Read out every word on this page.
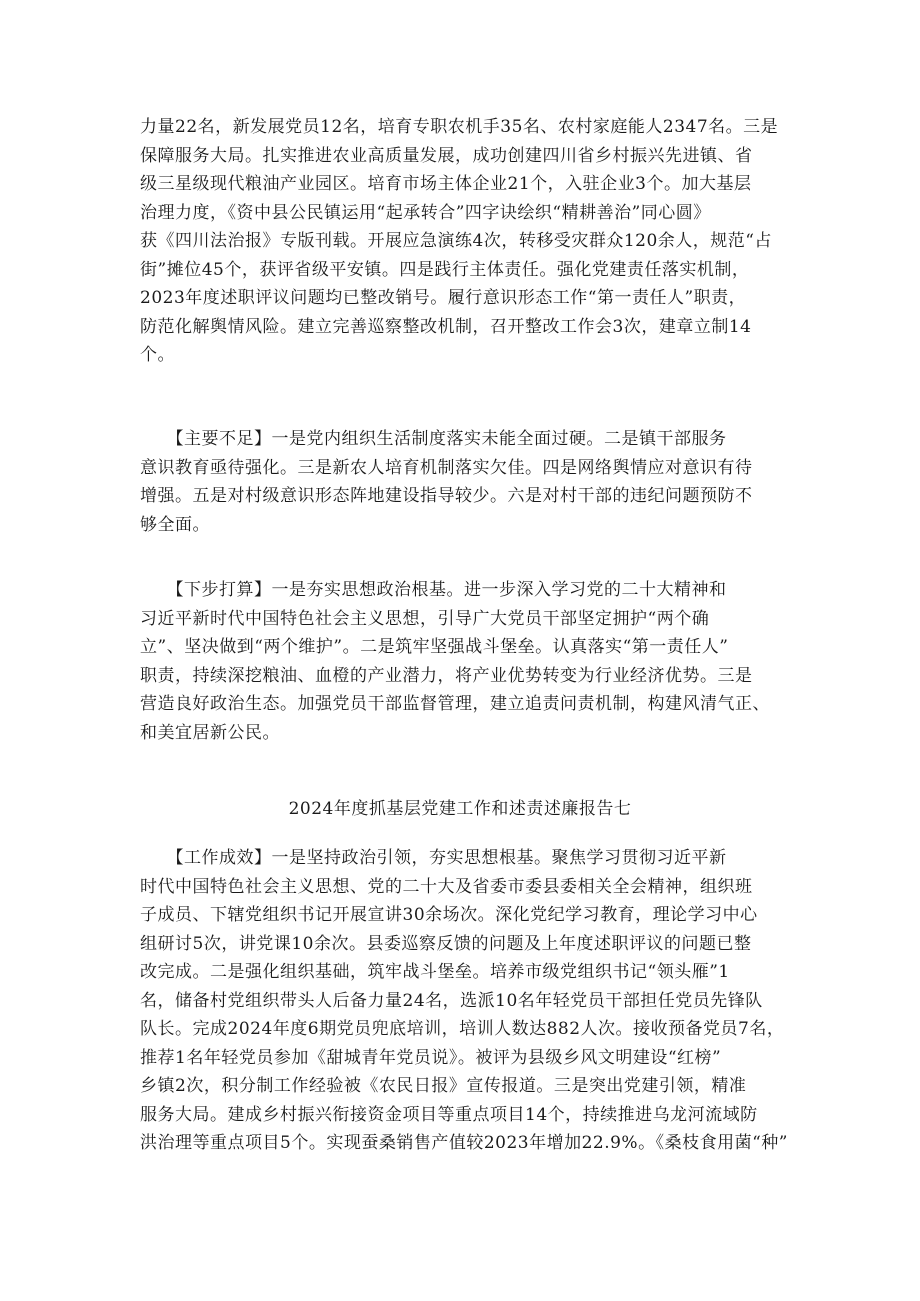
力量22名，新发展党员12名，培育专职农机手35名、农村家庭能人2347名。三是
保障服务大局。扎实推进农业高质量发展，成功创建四川省乡村振兴先进镇、省
级三星级现代粮油产业园区。培育市场主体企业21个，入驻企业3个。加大基层
治理力度，《资中县公民镇运用“起承转合”四字诀绘织“精耕善治”同心圆》
获《四川法治报》专版刊载。开展应急演练4次，转移受灾群众120余人，规范“占
街”摊位45个，获评省级平安镇。四是践行主体责任。强化党建责任落实机制，
2023年度述职评议问题均已整改销号。履行意识形态工作“第一责任人”职责，
防范化解舆情风险。建立完善巡察整改机制，召开整改工作会3次，建章立制14
个。
　　【主要不足】一是党内组织生活制度落实未能全面过硬。二是镇干部服务
意识教育亟待强化。三是新农人培育机制落实欠佳。四是网络舆情应对意识有待
增强。五是对村级意识形态阵地建设指导较少。六是对村干部的违纪问题预防不
够全面。
　　【下步打算】一是夯实思想政治根基。进一步深入学习党的二十大精神和
习近平新时代中国特色社会主义思想，引导广大党员干部坚定拥护“两个确
立”、坚决做到“两个维护”。二是筑牢坚强战斗堡垒。认真落实“第一责任人”
职责，持续深挖粮油、血橙的产业潜力，将产业优势转变为行业经济优势。三是
营造良好政治生态。加强党员干部监督管理，建立追责问责机制，构建风清气正、
和美宜居新公民。
2024年度抓基层党建工作和述责述廉报告七
　　【工作成效】一是坚持政治引领，夯实思想根基。聚焦学习贯彻习近平新
时代中国特色社会主义思想、党的二十大及省委市委县委相关全会精神，组织班
子成员、下辖党组织书记开展宣讲30余场次。深化党纪学习教育，理论学习中心
组研讨5次，讲党课10余次。县委巡察反馈的问题及上年度述职评议的问题已整
改完成。二是强化组织基础，筑牢战斗堡垒。培养市级党组织书记“领头雁”1
名，储备村党组织带头人后备力量24名，选派10名年轻党员干部担任党员先锋队
队长。完成2024年度6期党员兜底培训，培训人数达882人次。接收预备党员7名，
推荐1名年轻党员参加《甜城青年党员说》。被评为县级乡风文明建设“红榜”
乡镇2次，积分制工作经验被《农民日报》宣传报道。三是突出党建引领，精准
服务大局。建成乡村振兴衔接资金项目等重点项目14个，持续推进乌龙河流域防
洪治理等重点项目5个。实现蚕桑销售产值较2023年增加22.9%。《桑枝食用菌“种”
